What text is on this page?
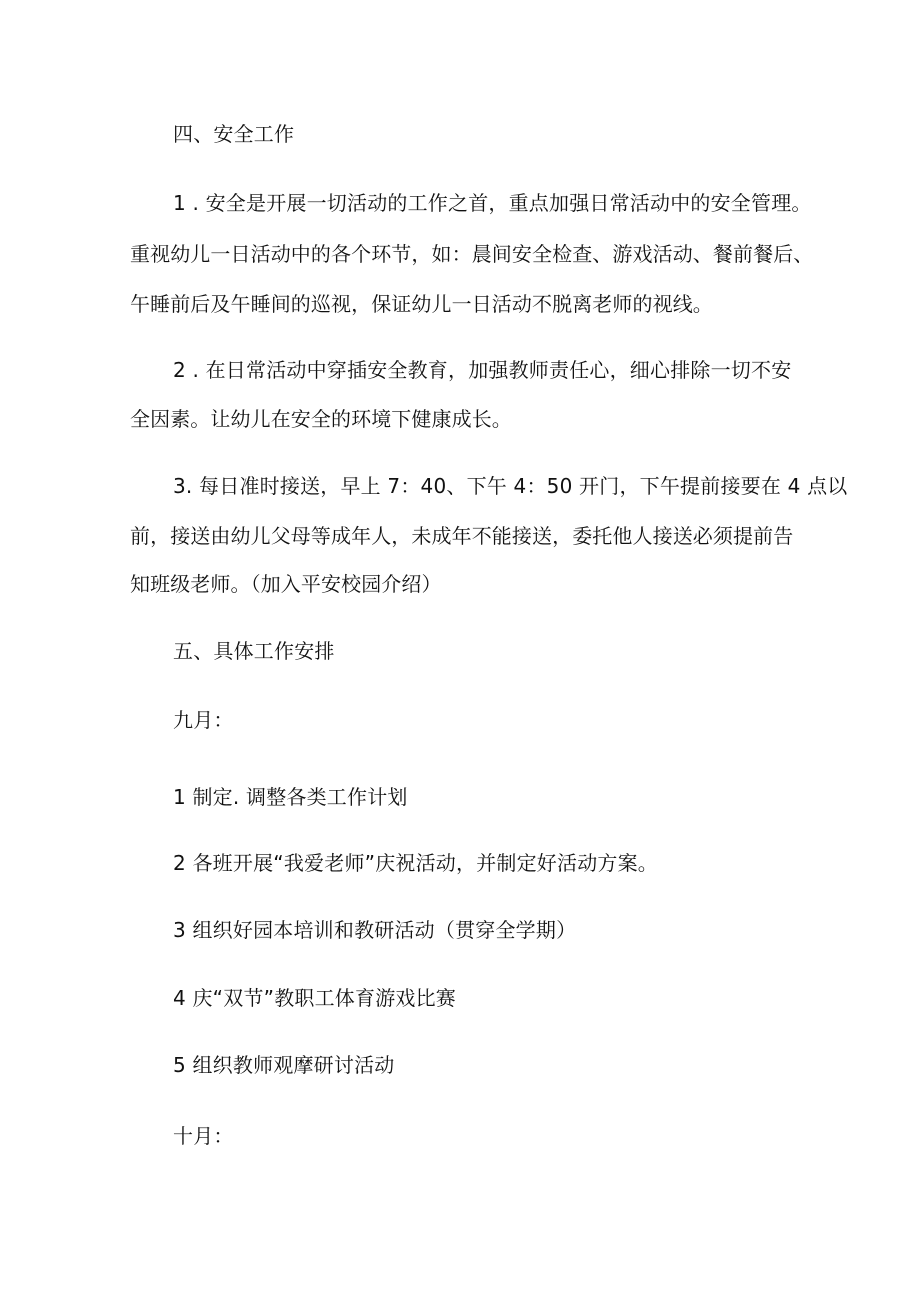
四、安全工作

1 . 安全是开展一切活动的工作之首，重点加强日常活动中的安全管理。

重视幼儿一日活动中的各个环节，如：晨间安全检查、游戏活动、餐前餐后、

午睡前后及午睡间的巡视，保证幼儿一日活动不脱离老师的视线。

2 . 在日常活动中穿插安全教育，加强教师责任心，细心排除一切不安

全因素。让幼儿在安全的环境下健康成长。

3. 每日准时接送，早上 7：40、下午 4：50 开门，下午提前接要在 4 点以

前，接送由幼儿父母等成年人，未成年不能接送，委托他人接送必须提前告

知班级老师。（加入平安校园介绍）

五、具体工作安排

九月：

1 制定. 调整各类工作计划

2 各班开展“我爱老师”庆祝活动，并制定好活动方案。

3 组织好园本培训和教研活动（贯穿全学期）

4 庆“双节”教职工体育游戏比赛

5 组织教师观摩研讨活动

十月：
